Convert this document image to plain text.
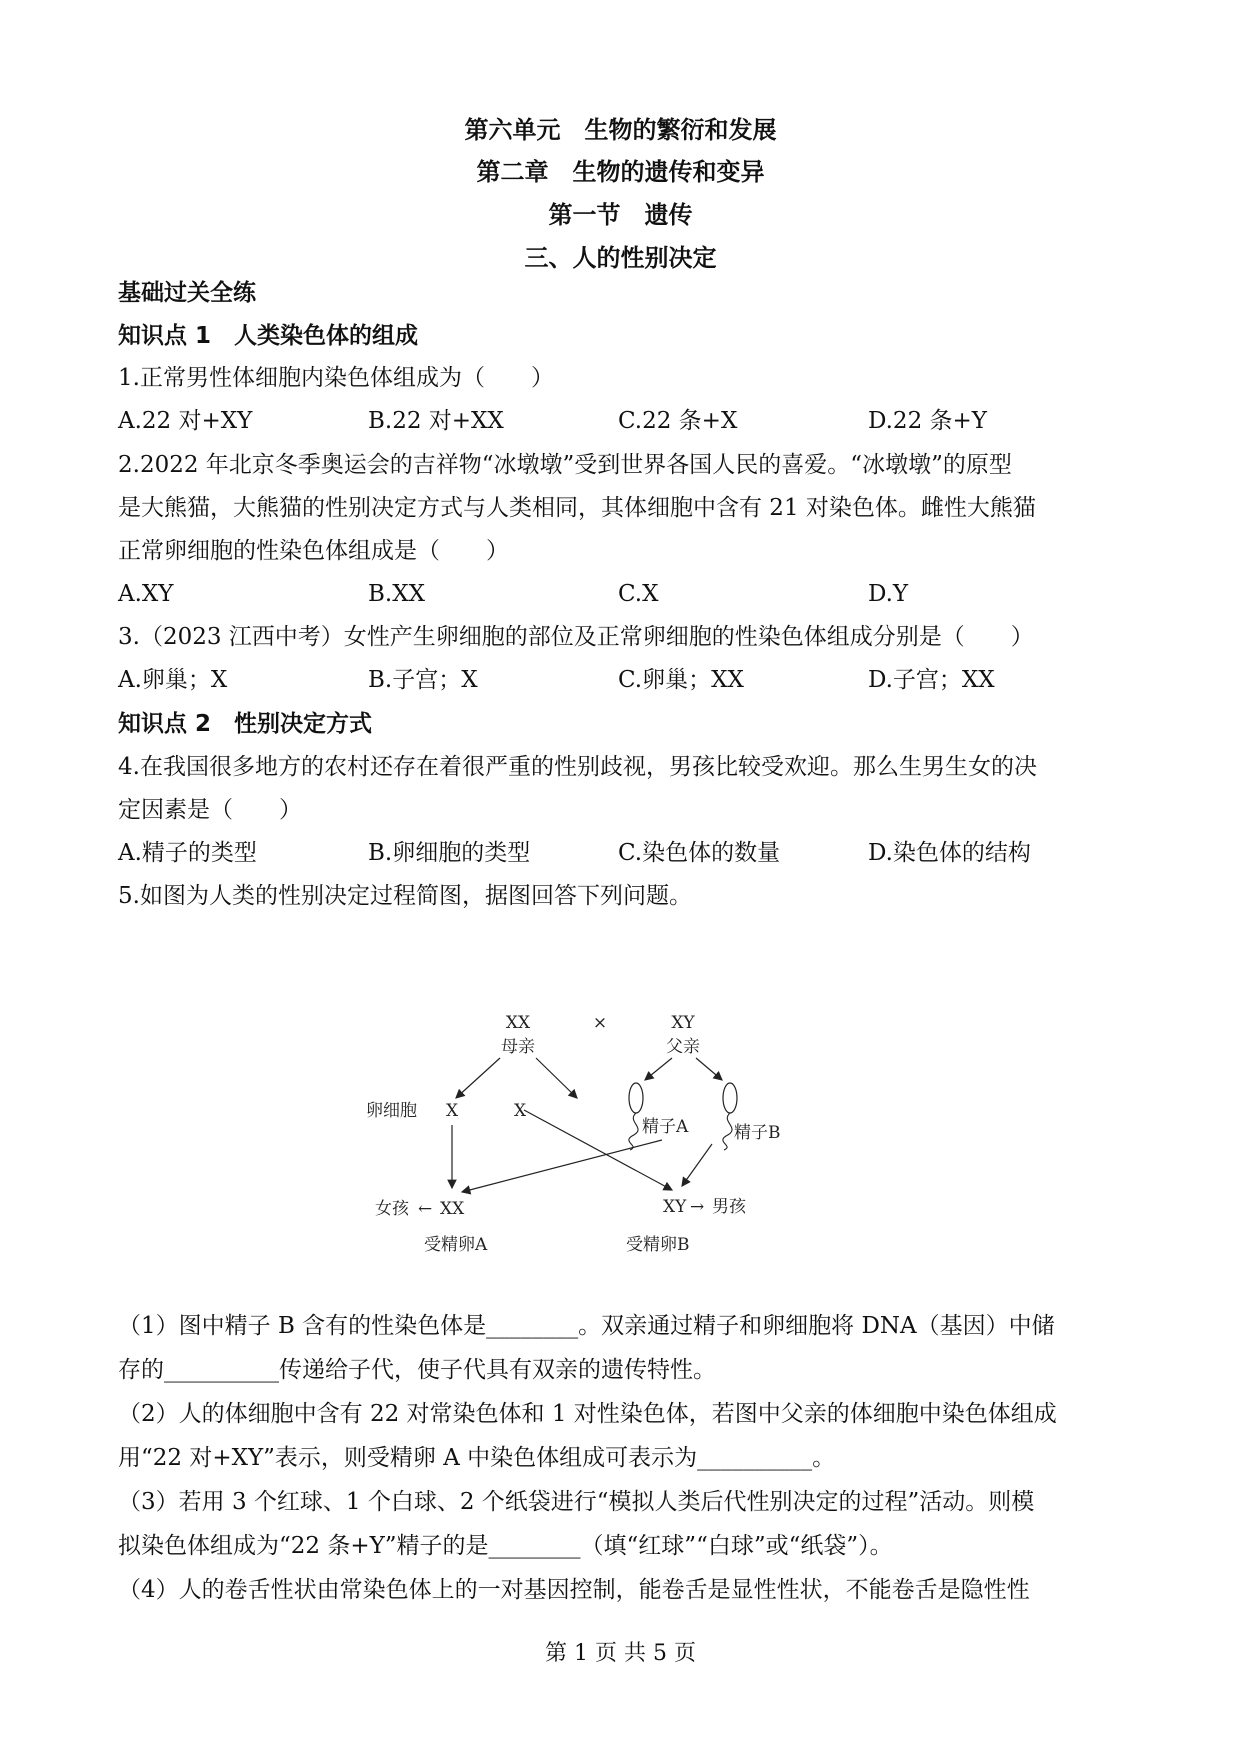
第六单元　生物的繁衍和发展
第二章　生物的遗传和变异
第一节　遗传
三、人的性别决定
基础过关全练
知识点 1　人类染色体的组成
1.正常男性体细胞内染色体组成为（　　）
A.22 对+XY	B.22 对+XX	C.22 条+X	D.22 条+Y
2.2022 年北京冬季奥运会的吉祥物“冰墩墩”受到世界各国人民的喜爱。“冰墩墩”的原型
是大熊猫，大熊猫的性别决定方式与人类相同，其体细胞中含有 21 对染色体。雌性大熊猫
正常卵细胞的性染色体组成是（　　）
A.XY	B.XX	C.X	D.Y
3.（2023 江西中考）女性产生卵细胞的部位及正常卵细胞的性染色体组成分别是（　　）
A.卵巢；X	B.子宫；X	C.卵巢；XX	D.子宫；XX
知识点 2　性别决定方式
4.在我国很多地方的农村还存在着很严重的性别歧视，男孩比较受欢迎。那么生男生女的决
定因素是（　　）
A.精子的类型	B.卵细胞的类型	C.染色体的数量	D.染色体的结构
5.如图为人类的性别决定过程简图，据图回答下列问题。
XX
母亲
×	XY
父亲
卵细胞 X	X
精子A	精子B
女孩 ← XX	XY → 男孩
受精卵A	受精卵B
（1）图中精子 B 含有的性染色体是________。双亲通过精子和卵细胞将 DNA（基因）中储
存的__________传递给子代，使子代具有双亲的遗传特性。
（2）人的体细胞中含有 22 对常染色体和 1 对性染色体，若图中父亲的体细胞中染色体组成
用“22 对+XY”表示，则受精卵 A 中染色体组成可表示为__________。
（3）若用 3 个红球、1 个白球、2 个纸袋进行“模拟人类后代性别决定的过程”活动。则模
拟染色体组成为“22 条+Y”精子的是________（填“红球”“白球”或“纸袋”）。
（4）人的卷舌性状由常染色体上的一对基因控制，能卷舌是显性性状，不能卷舌是隐性性
第 1 页 共 5 页
